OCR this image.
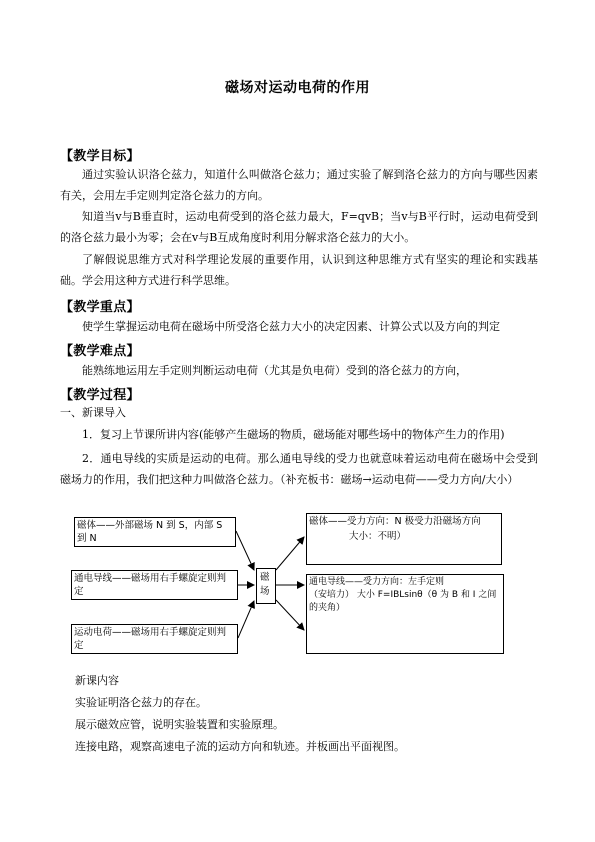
磁场对运动电荷的作用
【教学目标】
通过实验认识洛仑兹力，知道什么叫做洛仑兹力；通过实验了解到洛仑兹力的方向与哪些因素有关，会用左手定则判定洛仑兹力的方向。
知道当v与B垂直时，运动电荷受到的洛仑兹力最大，F=qvB；当v与B平行时，运动电荷受到的洛仑兹力最小为零；会在v与B互成角度时利用分解求洛仑兹力的大小。
了解假说思维方式对科学理论发展的重要作用，认识到这种思维方式有坚实的理论和实践基础。学会用这种方式进行科学思维。
【教学重点】
使学生掌握运动电荷在磁场中所受洛仑兹力大小的决定因素、计算公式以及方向的判定
【教学难点】
能熟练地运用左手定则判断运动电荷（尤其是负电荷）受到的洛仑兹力的方向，
【教学过程】
一、新课导入
1．复习上节课所讲内容(能够产生磁场的物质，磁场能对哪些场中的物体产生力的作用)
2．通电导线的实质是运动的电荷。那么通电导线的受力也就意味着运动电荷在磁场中会受到磁场力的作用，我们把这种力叫做洛仑兹力。（补充板书：磁场→运动电荷——受力方向/大小）
磁体——外部磁场 N 到 S，内部 S 到 N
通电导线——磁场用右手螺旋定则判定
运动电荷——磁场用右手螺旋定则判定
磁场
磁体——受力方向：N 极受力沿磁场方向
大小：不明）
通电导线——受力方向：左手定则
（安培力） 大小 F=IBLsinθ（θ 为 B 和 I 之间的夹角）
新课内容
实验证明洛仑兹力的存在。
展示磁效应管，说明实验装置和实验原理。
连接电路，观察高速电子流的运动方向和轨迹。并板画出平面视图。
